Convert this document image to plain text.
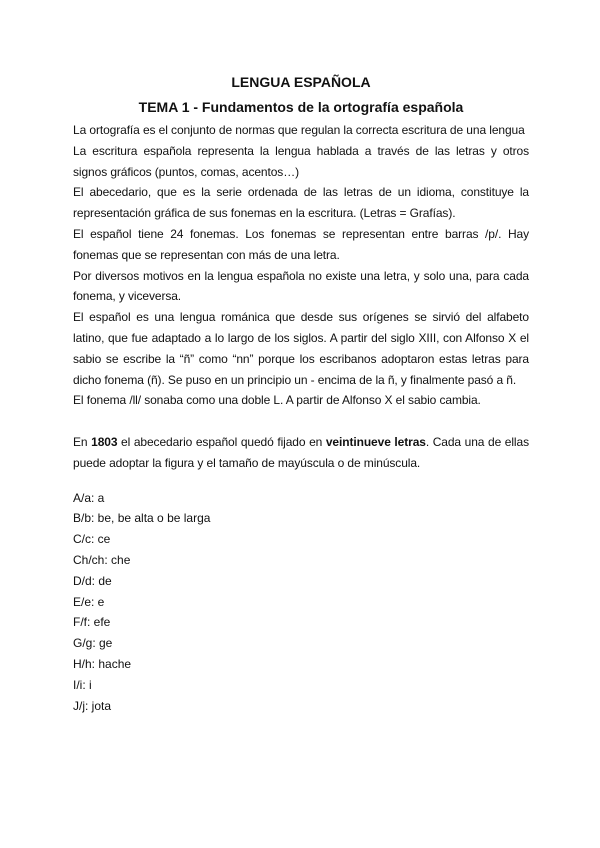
LENGUA ESPAÑOLA
TEMA 1 - Fundamentos de la ortografía española

La ortografía es el conjunto de normas que regulan la correcta escritura de una lengua

La escritura española representa la lengua hablada a través de las letras y otros signos gráficos (puntos, comas, acentos…)

El abecedario, que es la serie ordenada de las letras de un idioma, constituye la representación gráfica de sus fonemas en la escritura. (Letras = Grafías).

El español tiene 24 fonemas. Los fonemas se representan entre barras /p/. Hay fonemas que se representan con más de una letra.

Por diversos motivos en la lengua española no existe una letra, y solo una, para cada fonema, y viceversa.

El español es una lengua románica que desde sus orígenes se sirvió del alfabeto latino, que fue adaptado a lo largo de los siglos. A partir del siglo XIII, con Alfonso X el sabio se escribe la “ñ” como “nn” porque los escribanos adoptaron estas letras para dicho fonema (ñ). Se puso en un principio un - encima de la ñ, y finalmente pasó a ñ.

El fonema /ll/ sonaba como una doble L. A partir de Alfonso X el sabio cambia.

En 1803 el abecedario español quedó fijado en veintinueve letras. Cada una de ellas puede adoptar la figura y el tamaño de mayúscula o de minúscula.

A/a: a

B/b: be, be alta o be larga

C/c: ce

Ch/ch: che

D/d: de

E/e: e

F/f: efe

G/g: ge

H/h: hache

I/i: i

J/j: jota
